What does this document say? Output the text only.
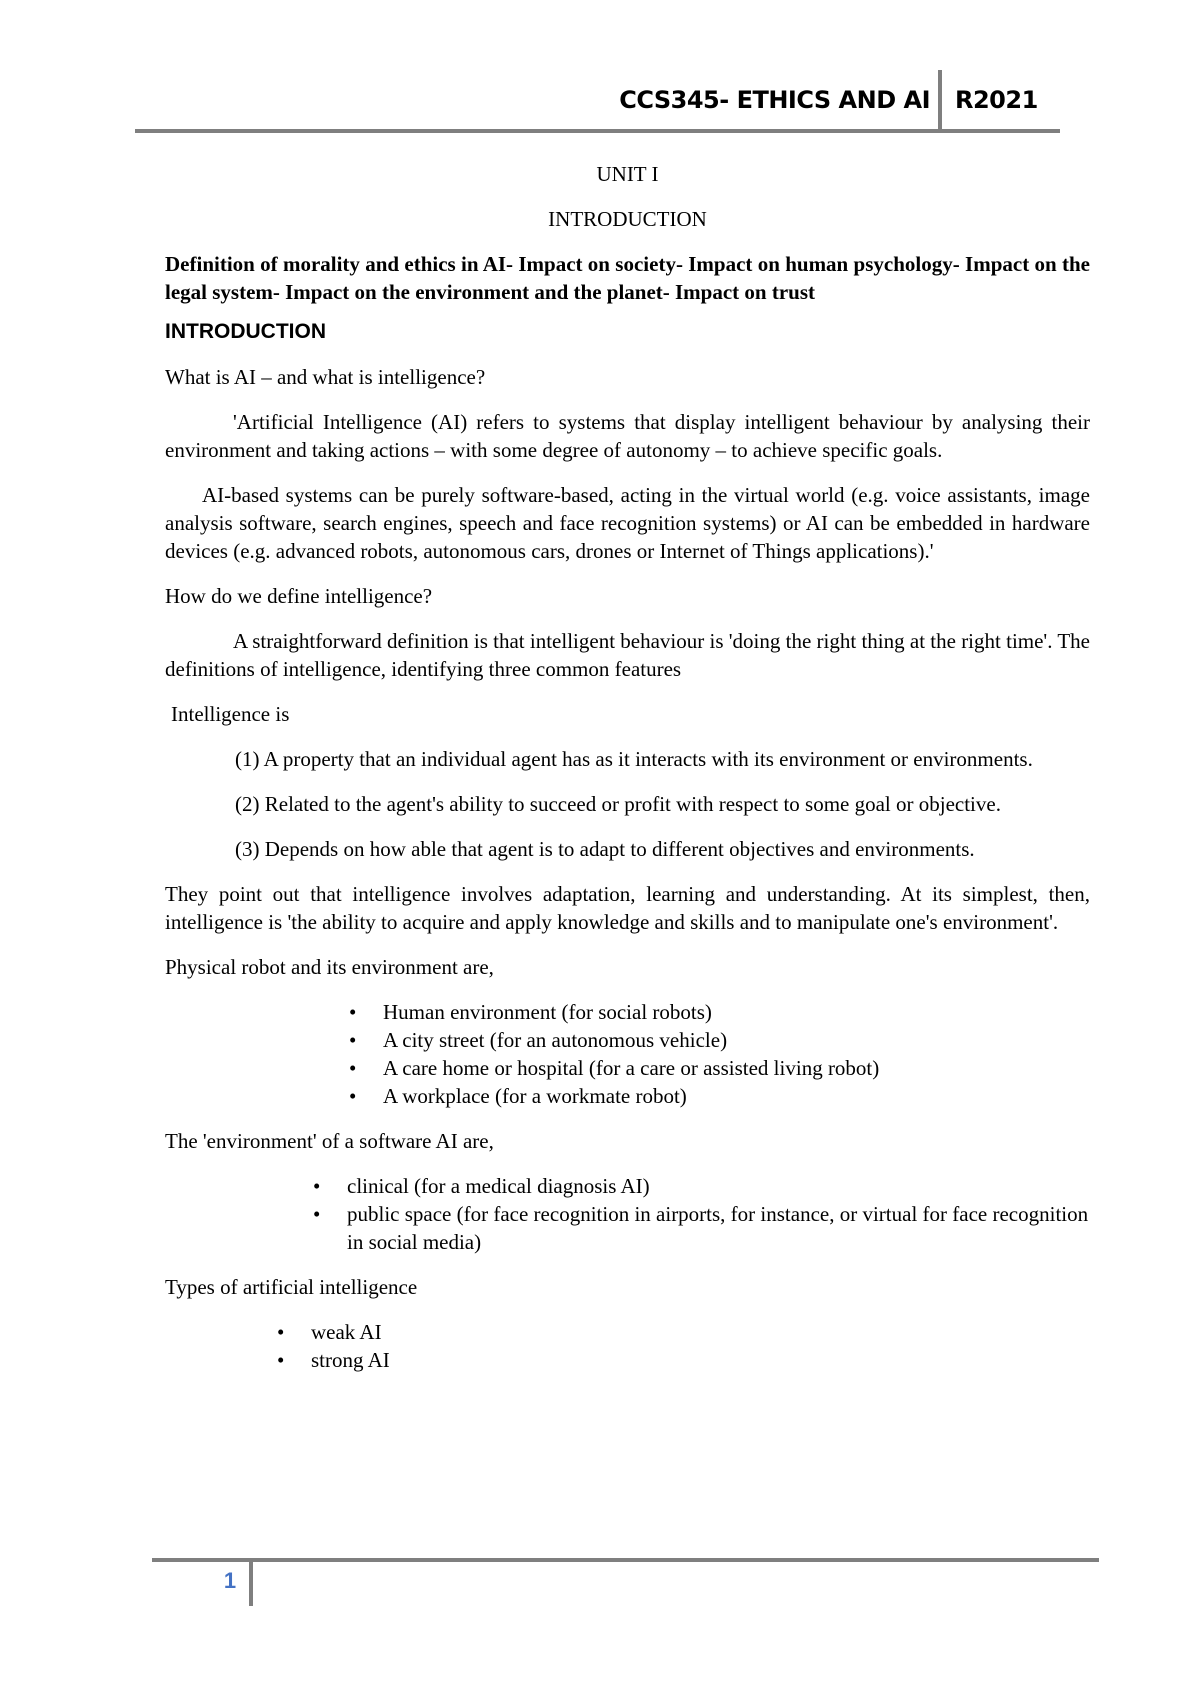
CCS345- ETHICS AND AI R2021

UNIT I

INTRODUCTION

Definition of morality and ethics in AI- Impact on society- Impact on human psychology- Impact on the legal system- Impact on the environment and the planet- Impact on trust

INTRODUCTION

What is AI – and what is intelligence?

'Artificial Intelligence (AI) refers to systems that display intelligent behaviour by analysing their environment and taking actions – with some degree of autonomy – to achieve specific goals.

AI-based systems can be purely software-based, acting in the virtual world (e.g. voice assistants, image analysis software, search engines, speech and face recognition systems) or AI can be embedded in hardware devices (e.g. advanced robots, autonomous cars, drones or Internet of Things applications).'

How do we define intelligence?

A straightforward definition is that intelligent behaviour is 'doing the right thing at the right time'. The definitions of intelligence, identifying three common features

Intelligence is

(1) A property that an individual agent has as it interacts with its environment or environments.

(2) Related to the agent's ability to succeed or profit with respect to some goal or objective.

(3) Depends on how able that agent is to adapt to different objectives and environments.

They point out that intelligence involves adaptation, learning and understanding. At its simplest, then, intelligence is 'the ability to acquire and apply knowledge and skills and to manipulate one's environment'.

Physical robot and its environment are,

• Human environment (for social robots)
• A city street (for an autonomous vehicle)
• A care home or hospital (for a care or assisted living robot)
• A workplace (for a workmate robot)

The 'environment' of a software AI are,

• clinical (for a medical diagnosis AI)
• public space (for face recognition in airports, for instance, or virtual for face recognition in social media)

Types of artificial intelligence

• weak AI
• strong AI
1
